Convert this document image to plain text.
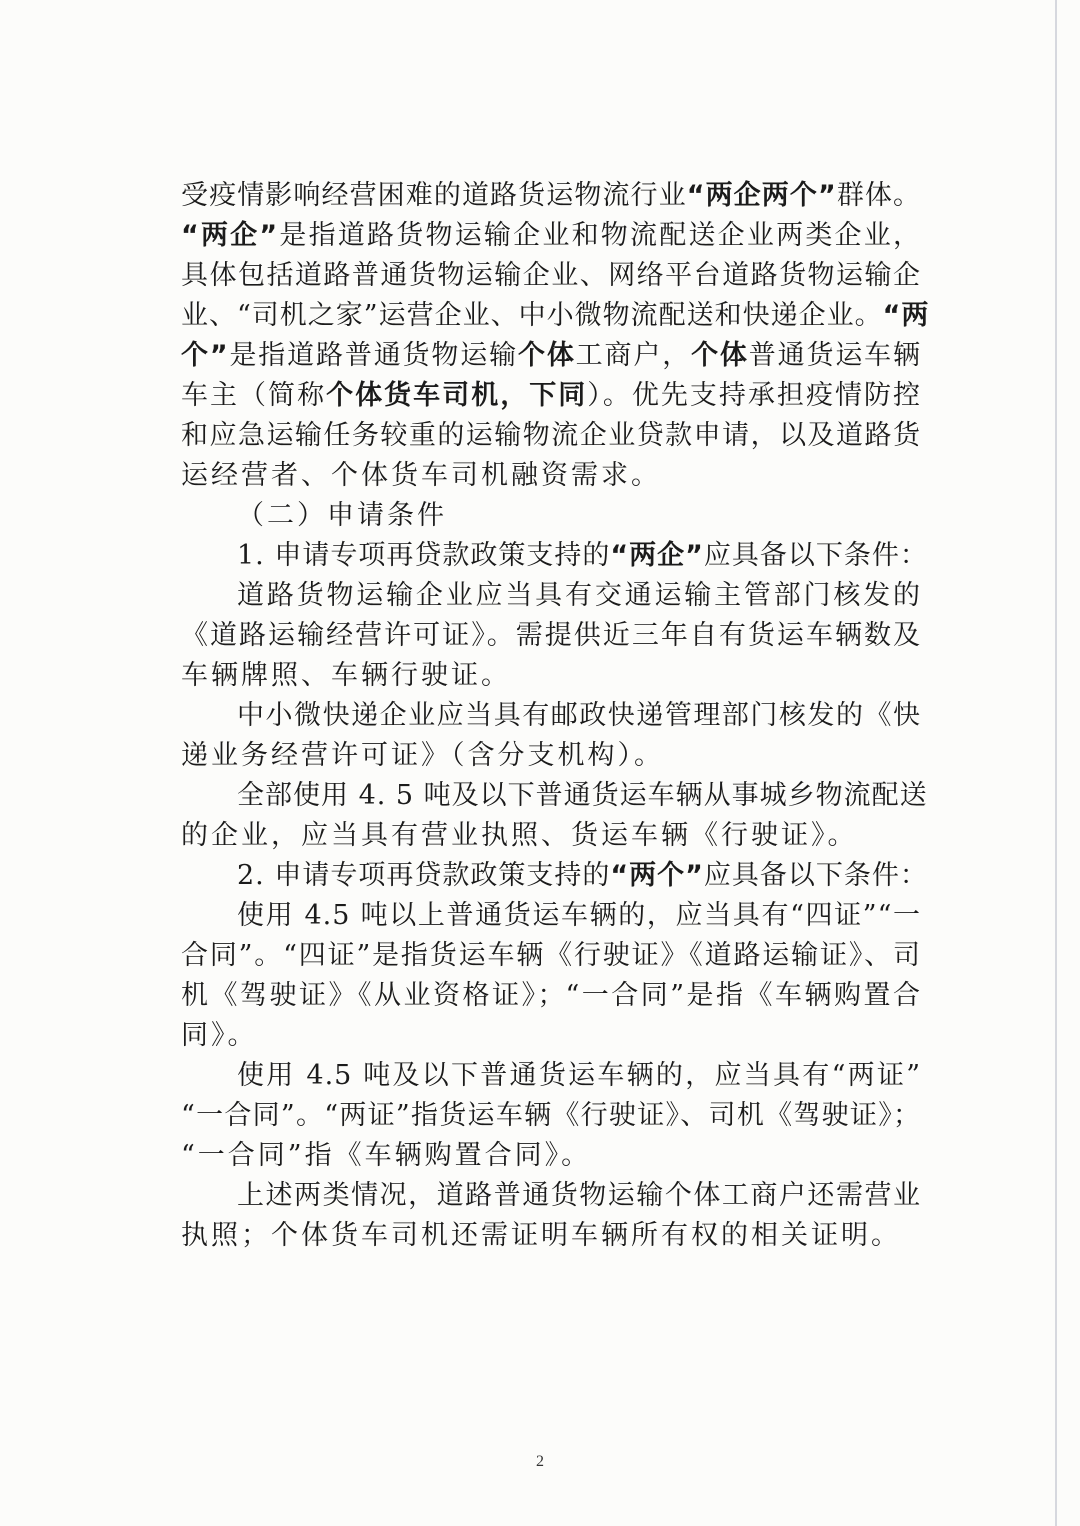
受疫情影响经营困难的道路货运物流行业“两企两个”群体。
“两企”是指道路货物运输企业和物流配送企业两类企业，
具体包括道路普通货物运输企业、网络平台道路货物运输企
业、“司机之家”运营企业、中小微物流配送和快递企业。“两
个”是指道路普通货物运输个体工商户，个体普通货运车辆
车主（简称个体货车司机，下同）。优先支持承担疫情防控
和应急运输任务较重的运输物流企业贷款申请，以及道路货
运经营者、个体货车司机融资需求。
（二）申请条件
1. 申请专项再贷款政策支持的“两企”应具备以下条件：
道路货物运输企业应当具有交通运输主管部门核发的
《道路运输经营许可证》。需提供近三年自有货运车辆数及
车辆牌照、车辆行驶证。
中小微快递企业应当具有邮政快递管理部门核发的《快
递业务经营许可证》（含分支机构）。
全部使用 4. 5 吨及以下普通货运车辆从事城乡物流配送
的企业，应当具有营业执照、货运车辆《行驶证》。
2. 申请专项再贷款政策支持的“两个”应具备以下条件：
使用 4.5 吨以上普通货运车辆的，应当具有“四证”“一
合同”。“四证”是指货运车辆《行驶证》《道路运输证》、司
机《驾驶证》《从业资格证》；“一合同”是指《车辆购置合
同》。
使用 4.5 吨及以下普通货运车辆的，应当具有“两证”
“一合同”。“两证”指货运车辆《行驶证》、司机《驾驶证》；
“一合同”指《车辆购置合同》。
上述两类情况，道路普通货物运输个体工商户还需营业
执照；个体货车司机还需证明车辆所有权的相关证明。
2
